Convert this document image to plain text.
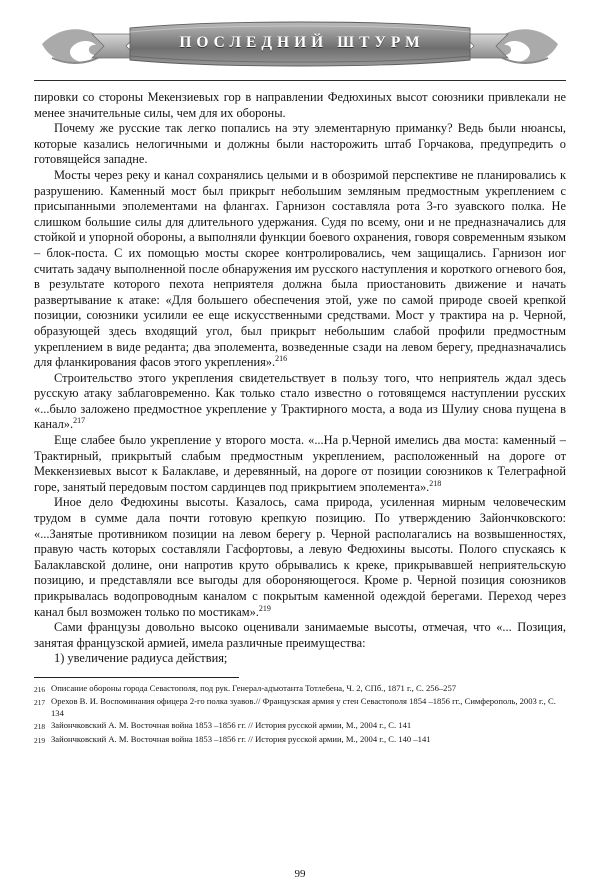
ПОСЛЕДНИЙ ШТУРМ

пировки со стороны Мекензиевых гор в направлении Федюхиных высот союзники привлекали не менее значительные силы, чем для их обороны.

Почему же русские так легко попались на эту элементарную приманку? Ведь были нюансы, которые казались нелогичными и должны были насторожить штаб Горчакова, предупредить о готовящейся западне.

Мосты через реку и канал сохранялись целыми и в обозримой перспективе не планировались к разрушению. Каменный мост был прикрыт небольшим земляным предмостным укреплением с присыпанными эполементами на флангах. Гарнизон составляла рота 3-го зуавского полка. Не слишком большие силы для длительного удержания. Судя по всему, они и не предназначались для стойкой и упорной обороны, а выполняли функции боевого охранения, говоря современным языком – блок-поста. С их помощью мосты скорее контролировались, чем защищались. Гарнизон иог считать задачу выполненной после обнаружения им русского наступления и короткого огневого боя, в результате которого пехота неприятеля должна была приостановить движение и начать развертывание к атаке: «Для большего обеспечения этой, уже по самой природе своей крепкой позиции, союзники усилили ее еще искусственными средствами. Мост у трактира на р. Черной, образующей здесь входящий угол, был прикрыт небольшим слабой профили предмостным укреплением в виде реданта; два эполемента, возведенные сзади на левом берегу, предназначались для фланкирования фасов этого укрепления».$^{216}$

Строительство этого укрепления свидетельствует в пользу того, что неприятель ждал здесь русскую атаку заблаговременно. Как только стало известно о готовящемся наступлении русских «...было заложено предмостное укрепление у Трактирного моста, а вода из Шулиу снова пущена в канал».$^{217}$

Еще слабее было укрепление у второго моста. «...На р.Черной имелись два моста: каменный – Трактирный, прикрытый слабым предмостным укреплением, расположенный на дороге от Меккензиевых высот к Балаклаве, и деревянный, на дороге от позиции союзников к Телеграфной горе, занятый передовым постом сардинцев под прикрытием эполемента».$^{218}$

Иное дело Федюхины высоты. Казалось, сама природа, усиленная мирным человеческим трудом в сумме дала почти готовую крепкую позицию. По утверждению Зайончковского: «...Занятые противником позиции на левом берегу р. Черной располагались на возвышенностях, правую часть которых составляли Гасфортовы, а левую Федюхины высоты. Полого спускаясь к Балаклавской долине, они напротив круто обрывались к креке, прикрывавшей неприятельскую позицию, и представляли все выгоды для обороняющегося. Кроме р. Черной позиция союзников прикрывалась водопроводным каналом с покрытым каменной одеждой берегами. Переход через канал был возможен только по мостикам».$^{219}$

Сами французы довольно высоко оценивали занимаемые высоты, отмечая, что «... Позиция, занятая французской армией, имела различные преимущества:

1) увеличение радиуса действия;

216 Описание обороны города Севастополя, под рук. Генерал-адъютанта Тотлебена, Ч. 2, СПб., 1871 г., С. 256–257
217 Орехов В. И. Воспоминания офицера 2-го полка зуавов.// Французская армия у стен Севастополя 1854 –1856 гг., Симферополь, 2003 г., С. 134
218 Зайончковский А. М. Восточная война 1853 –1856 гг. // История русской армии, М., 2004 г., С. 141
219 Зайончковский А. М. Восточная война 1853 –1856 гг. // История русской армии, М., 2004 г., С. 140 –141
99
